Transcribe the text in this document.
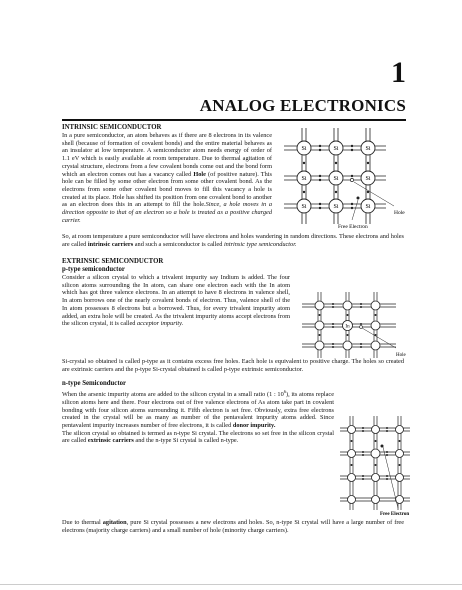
1
ANALOG ELECTRONICS
INTRINSIC SEMICONDUCTOR

In a pure semiconductor, an atom behaves as if there are 8 electrons in its valence shell (because of formation of covalent bonds) and the entire material behaves as an insulator at low temperature. A semiconductor atom needs energy of order of 1.1 eV which is easily available at room temperature. Due to thermal agitation of crystal structure, electrons from a few covalent bonds come out and the bond form which an electron comes out has a vacancy called Hole (of positive nature). This hole can be filled by some other electron from some other covalent bond. As the electrons from some other covalent bond moves to fill this vacancy a hole is created at its place. Hole has shifted its position from one covalent bond to another as an electron does this in an attempt to fill the hole.Since, a hole moves in a direction opposite to that of an electron so a hole is treated as a positive charged carrier.

So, at room temperature a pure semiconductor will have electrons and holes wandering in random directions. These electrons and holes are called intrinsic carriers and such a semiconductor is called intrinsic type semiconductor.

Si	Si	Si
Si	Si	Si
Si	Si	Si
Hole
Free Electron
EXTRINSIC SEMICONDUCTOR
p-type semiconductor

Consider a silicon crystal to which a trivalent impurity say Indium is added. The four silicon atoms surrounding the In atom, can share one electron each with the In atom which has got three valence electrons. In an attempt to have 8 electrons in valence shell, In atom borrows one of the nearly covalent bonds of electron. Thus, valence shell of the In atom possesses 8 electrons but a borrowed. Thus, for every trivalent impurity atom added, an extra hole will be created. As the trivalent impurity atoms accept electrons from the silicon crystal, it is called acceptor impurity.

Si-crystal so obtained is called p-type as it contains excess free holes. Each hole is equivalent to positive charge. The holes so created are extrinsic carriers and the p-type Si-crystal obtained is called p-type extrinsic semiconductor.

In
Hole
n-type Semiconductor

When the arsenic impurity atoms are added to the silicon crystal in a small ratio (1 : $10^6$), its atoms replace silicon atoms here and there. Four electrons out of five valence electrons of As atom take part in covalent bonding with four silicon atoms surrounding it. Fifth electron is set free. Obviously, extra free electrons created in the crystal will be as many as number of the pentavalent impurity atoms added. Since pentavalent impurity increases number of free electrons, it is called donor impurity.

The silicon crystal so obtained is termed as n-type Si crystal. The electrons so set free in the silicon crystal are called extrinsic carriers and the n-type Si crystal is called n-type.

Due to thermal agitation, pure Si crystal possesses a new electrons and holes. So, n-type Si crystal will have a large number of free electrons (majority charge carriers) and a small number of hole (minority charge carriers).

Free Electron
